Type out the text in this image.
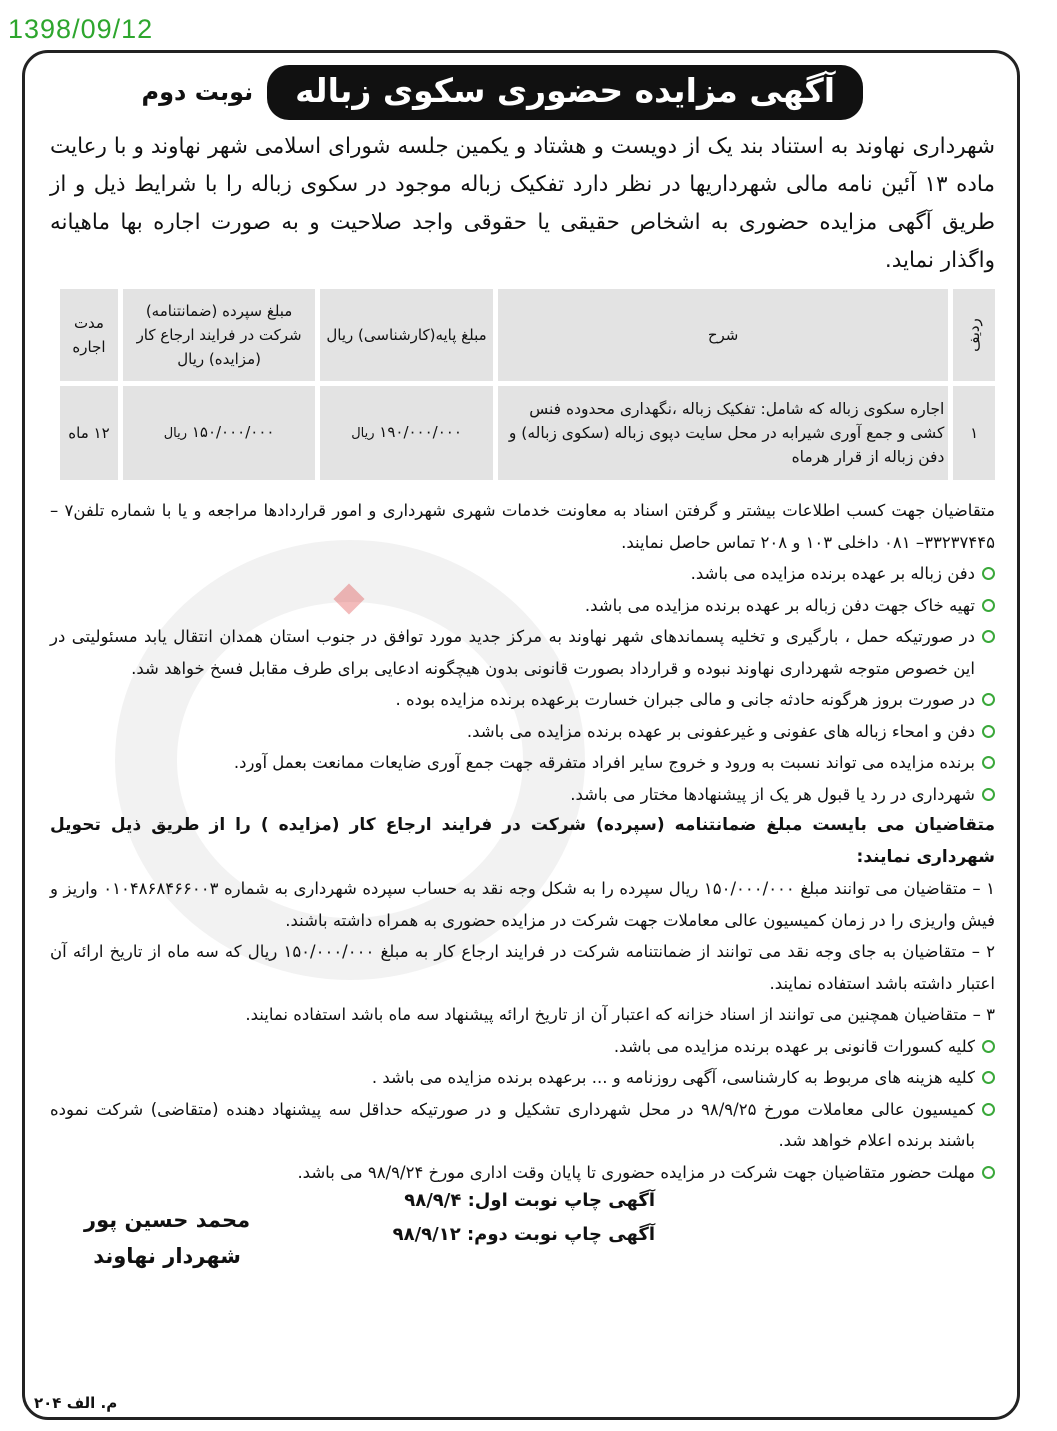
1398/09/12
آگهی مزایده حضوری سکوی زباله
نوبت دوم
شهرداری نهاوند به استناد بند یک از دویست و هشتاد و یکمین جلسه شورای اسلامی شهر نهاوند و با رعایت ماده ۱۳ آئین نامه مالی شهرداریها در نظر دارد تفکیک زباله موجود در سکوی زباله را با شرایط ذیل و از طریق آگهی مزایده حضوری به اشخاص حقیقی یا حقوقی واجد صلاحیت و به صورت اجاره بها ماهیانه واگذار نماید.
ردیف	شرح	مبلغ پایه(کارشناسی) ریال	مبلغ سپرده (ضمانتنامه) شرکت در فرایند ارجاع کار (مزایده) ریال	مدت اجاره
۱	اجاره سکوی زباله که شامل: تفکیک زباله ،نگهداری محدوده فنس کشی و جمع آوری شیرابه در محل سایت دپوی زباله (سکوی زباله) و دفن زباله از قرار هرماه	۱۹۰/۰۰۰/۰۰۰ ریال	۱۵۰/۰۰۰/۰۰۰ ریال	۱۲ ماه

متقاضیان جهت کسب اطلاعات بیشتر و گرفتن اسناد به معاونت خدمات شهری شهرداری و امور قراردادها مراجعه و یا با شماره تلفن۷ –۳۳۲۳۷۴۴۵– ۰۸۱ داخلی ۱۰۳ و ۲۰۸ تماس حاصل نمایند.

دفن زباله بر عهده برنده مزایده می باشد.

تهیه خاک جهت دفن زباله بر عهده برنده مزایده می باشد.

در صورتیکه حمل ، بارگیری و تخلیه پسماندهای شهر نهاوند به مرکز جدید مورد توافق در جنوب استان همدان انتقال یابد مسئولیتی در این خصوص متوجه شهرداری نهاوند نبوده و قرارداد بصورت قانونی بدون هیچگونه ادعایی برای طرف مقابل فسخ خواهد شد.

در صورت بروز هرگونه حادثه جانی و مالی جبران خسارت برعهده برنده مزایده بوده .

دفن و امحاء زباله های عفونی و غیرعفونی بر عهده برنده مزایده می باشد.

برنده مزایده می تواند نسبت به ورود و خروج سایر افراد متفرقه جهت جمع آوری ضایعات ممانعت بعمل آورد.

شهرداری در رد یا قبول هر یک از پیشنهادها مختار می باشد.

متقاضیان می بایست مبلغ ضمانتنامه (سپرده) شرکت در فرایند ارجاع کار (مزایده ) را از طریق ذیل تحویل شهرداری نمایند:

۱ – متقاضیان می توانند مبلغ ۱۵۰/۰۰۰/۰۰۰ ریال سپرده را به شکل وجه نقد به حساب سپرده شهرداری به شماره ۰۱۰۴۸۶۸۴۶۶۰۰۳ واریز و فیش واریزی را در زمان کمیسیون عالی معاملات جهت شرکت در مزایده حضوری به همراه داشته باشند.

۲ – متقاضیان به جای وجه نقد می توانند از ضمانتنامه شرکت در فرایند ارجاع کار به مبلغ ۱۵۰/۰۰۰/۰۰۰ ریال که سه ماه از تاریخ ارائه آن اعتبار داشته باشد استفاده نمایند.

۳ – متقاضیان همچنین می توانند از اسناد خزانه که اعتبار آن از تاریخ ارائه پیشنهاد سه ماه باشد استفاده نمایند.

کلیه کسورات قانونی بر عهده برنده مزایده می باشد.

کلیه هزینه های مربوط به کارشناسی، آگهی روزنامه و ... برعهده برنده مزایده می باشد .

کمیسیون عالی معاملات مورخ ۹۸/۹/۲۵ در محل شهرداری تشکیل و در صورتیکه حداقل سه پیشنهاد دهنده (متقاضی) شرکت نموده باشند برنده اعلام خواهد شد.

مهلت حضور متقاضیان جهت شرکت در مزایده حضوری تا پایان وقت اداری مورخ ۹۸/۹/۲۴ می باشد.

آگهی چاپ نوبت اول: ۹۸/۹/۴
آگهی چاپ نوبت دوم: ۹۸/۹/۱۲
محمد حسین پور
شهردار نهاوند
م. الف ۲۰۴
